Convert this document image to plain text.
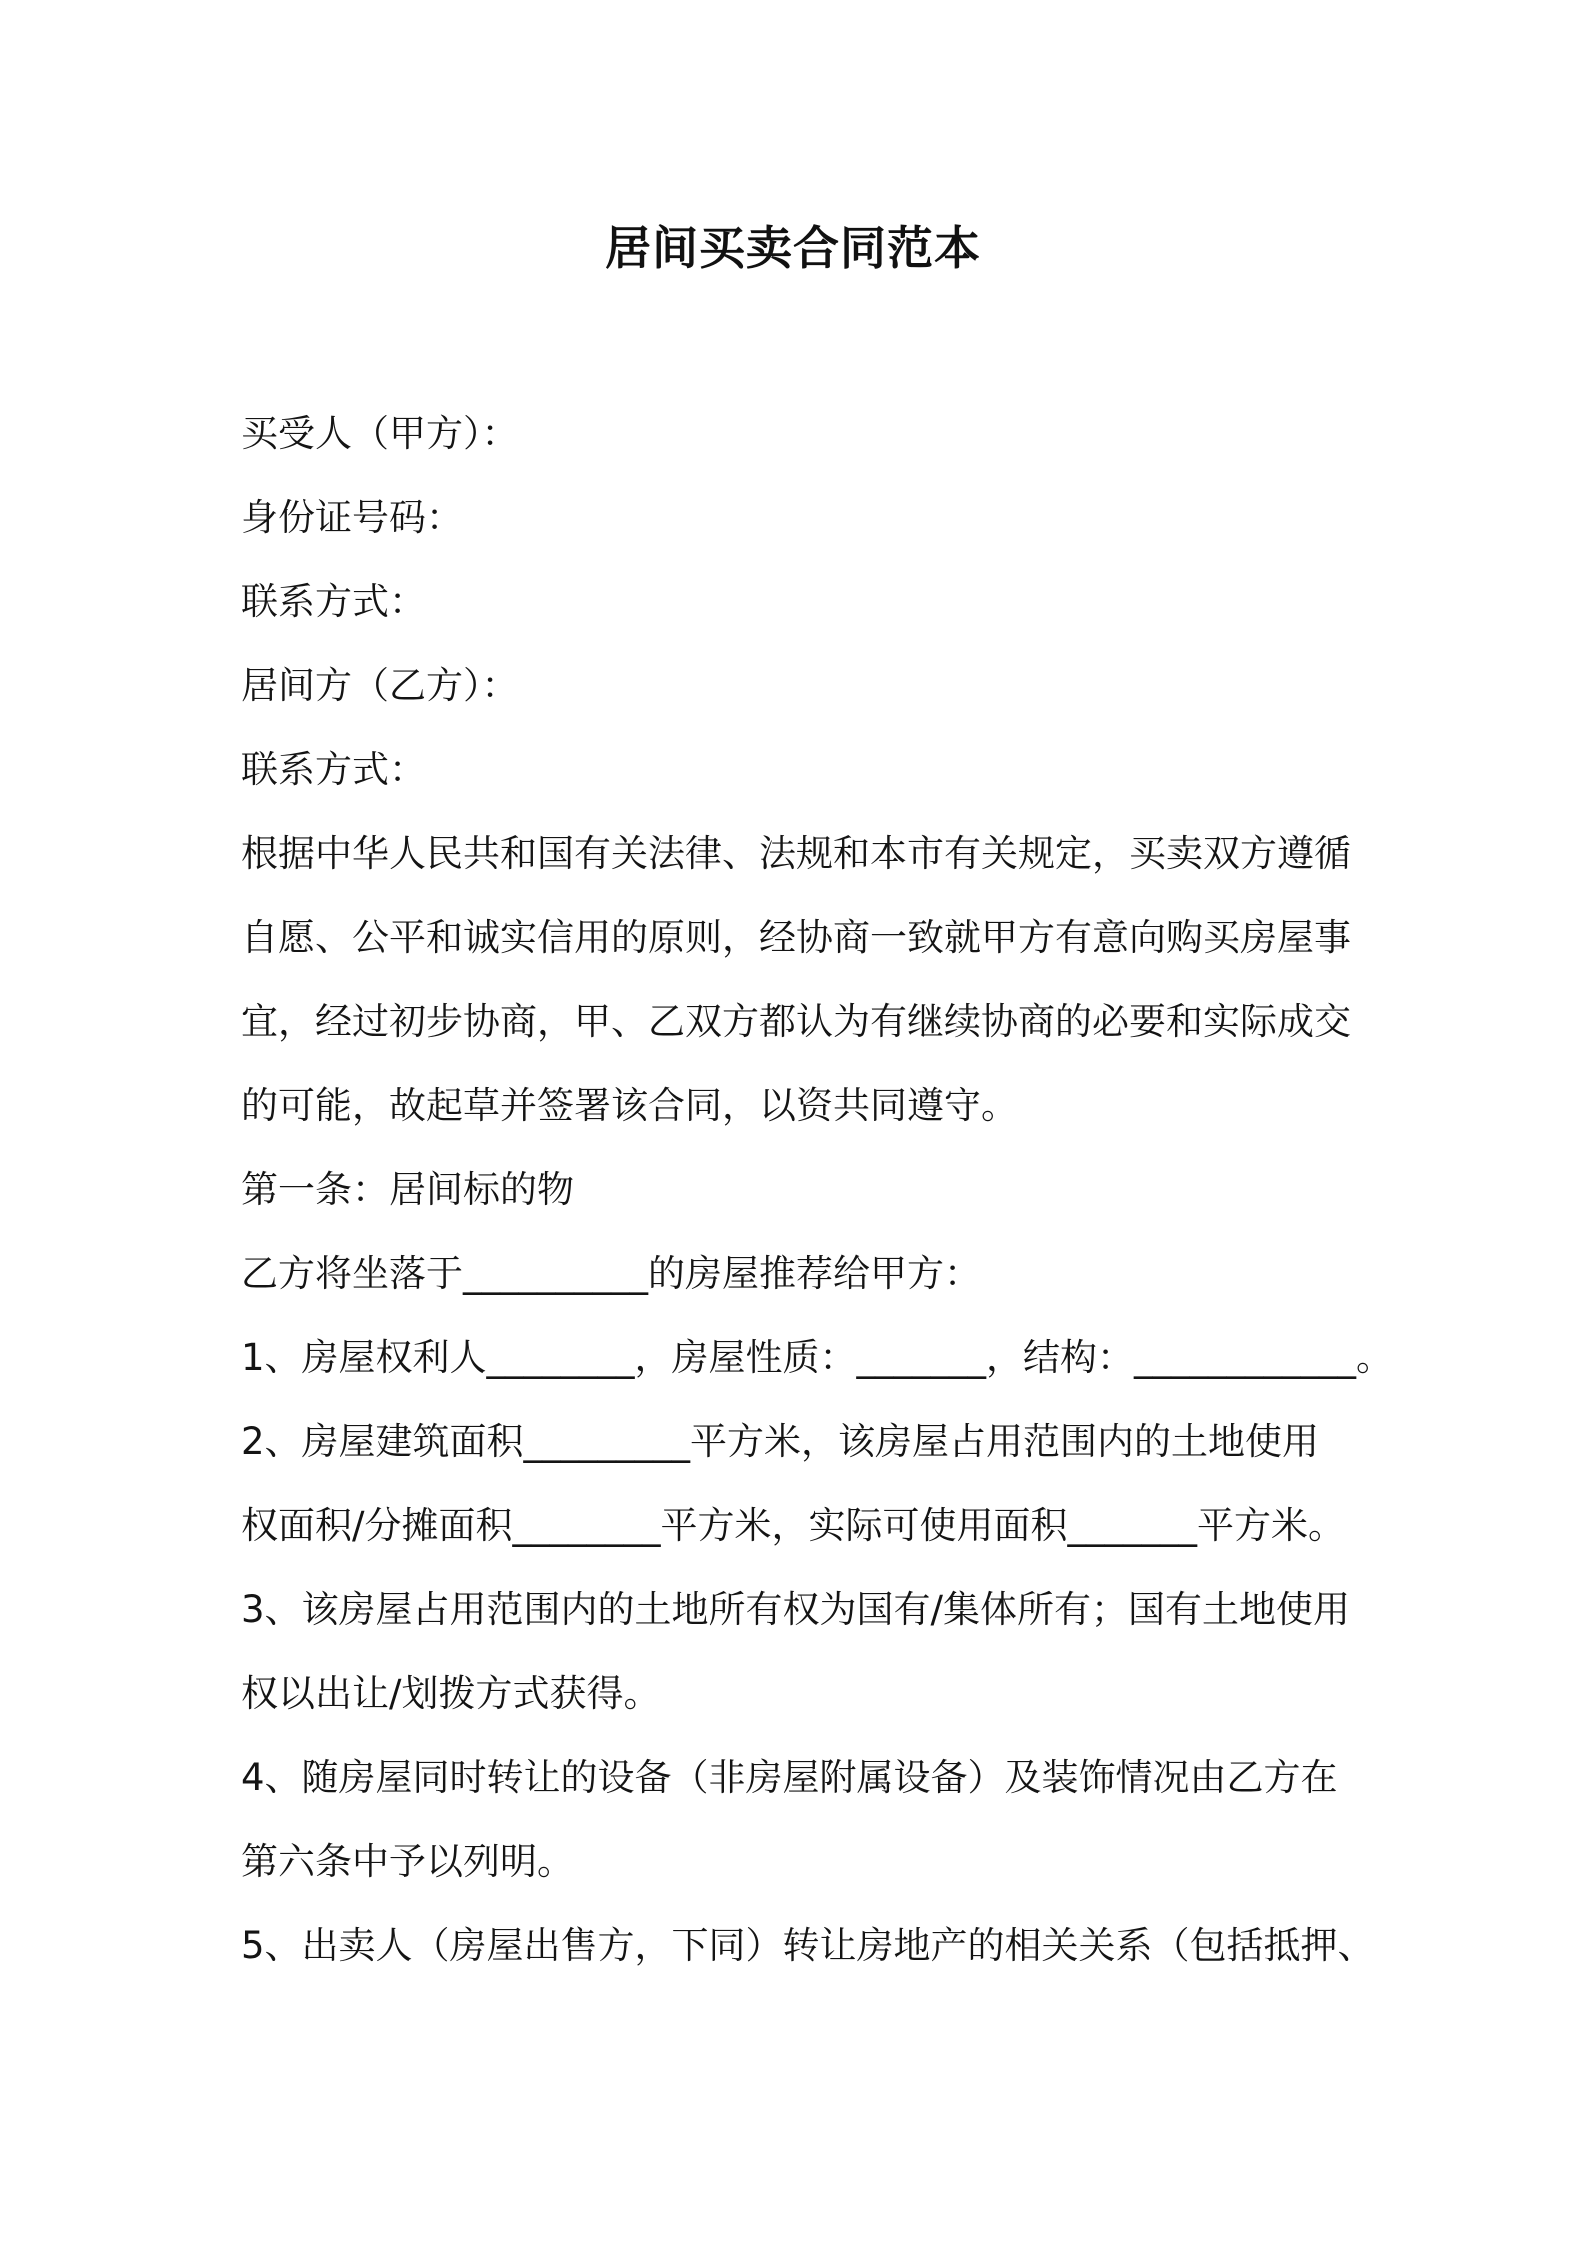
居间买卖合同范本
买受人（甲方）：
身份证号码：
联系方式：
居间方（乙方）：
联系方式：
根据中华人民共和国有关法律、法规和本市有关规定，买卖双方遵循
自愿、公平和诚实信用的原则，经协商一致就甲方有意向购买房屋事
宜，经过初步协商，甲、乙双方都认为有继续协商的必要和实际成交
的可能，故起草并签署该合同，以资共同遵守。
第一条：居间标的物
乙方将坐落于__________的房屋推荐给甲方：
1、房屋权利人________，房屋性质：_______，结构：____________。
2、房屋建筑面积_________平方米，该房屋占用范围内的土地使用
权面积/分摊面积________平方米，实际可使用面积_______平方米。
3、该房屋占用范围内的土地所有权为国有/集体所有；国有土地使用
权以出让/划拨方式获得。
4、随房屋同时转让的设备（非房屋附属设备）及装饰情况由乙方在
第六条中予以列明。
5、出卖人（房屋出售方，下同）转让房地产的相关关系（包括抵押、
